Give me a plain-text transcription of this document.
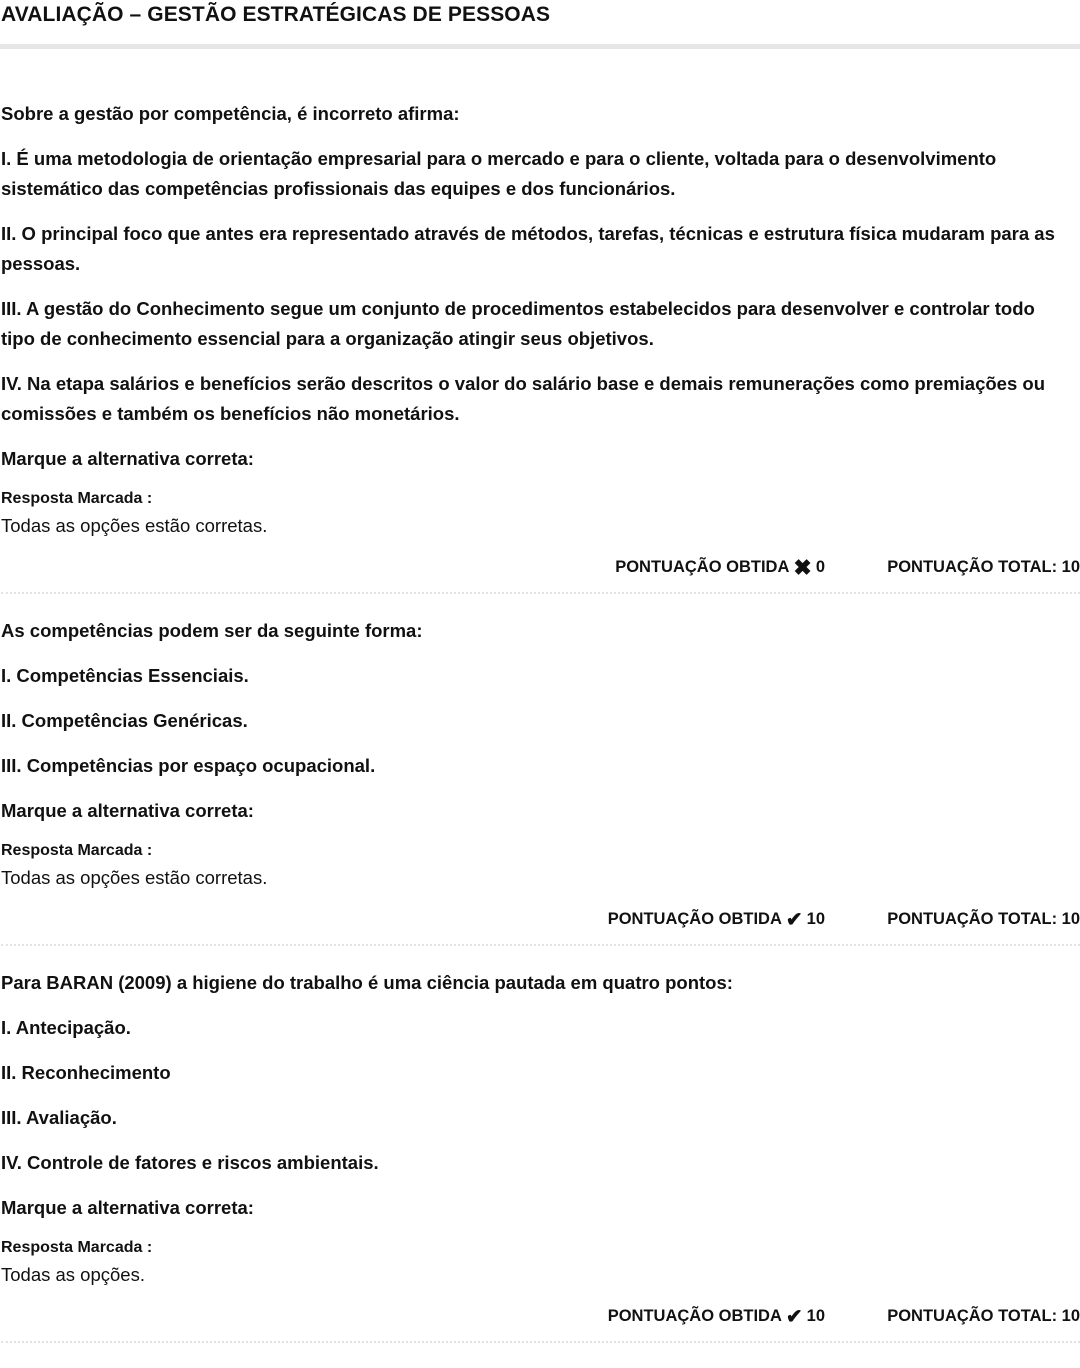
AVALIAÇÃO – GESTÃO ESTRATÉGICAS DE PESSOAS

Sobre a gestão por competência, é incorreto afirma:

I. É uma metodologia de orientação empresarial para o mercado e para o cliente, voltada para o desenvolvimento sistemático das competências profissionais das equipes e dos funcionários.

II. O principal foco que antes era representado através de métodos, tarefas, técnicas e estrutura física mudaram para as pessoas.

III. A gestão do Conhecimento segue um conjunto de procedimentos estabelecidos para desenvolver e controlar todo tipo de conhecimento essencial para a organização atingir seus objetivos.

IV. Na etapa salários e benefícios serão descritos o valor do salário base e demais remunerações como premiações ou comissões e também os benefícios não monetários.

Marque a alternativa correta:

Resposta Marcada :

Todas as opções estão corretas.

PONTUAÇÃO OBTIDA ✖ 0	PONTUAÇÃO TOTAL: 10

As competências podem ser da seguinte forma:

I. Competências Essenciais.

II. Competências Genéricas.

III. Competências por espaço ocupacional.

Marque a alternativa correta:

Resposta Marcada :

Todas as opções estão corretas.

PONTUAÇÃO OBTIDA ✔ 10	PONTUAÇÃO TOTAL: 10

Para BARAN (2009) a higiene do trabalho é uma ciência pautada em quatro pontos:

I. Antecipação.

II. Reconhecimento

III. Avaliação.

IV. Controle de fatores e riscos ambientais.

Marque a alternativa correta:

Resposta Marcada :

Todas as opções.

PONTUAÇÃO OBTIDA ✔ 10	PONTUAÇÃO TOTAL: 10
